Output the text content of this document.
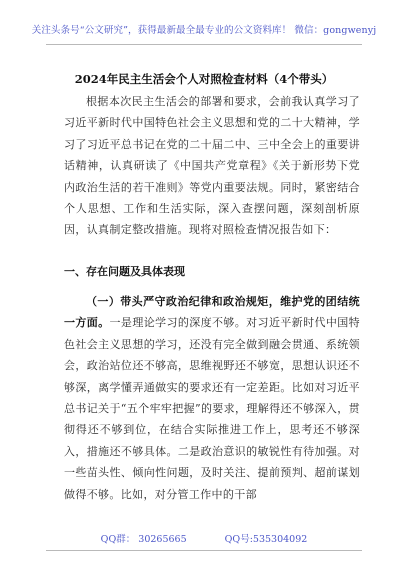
关注头条号“公文研究”，获得最新最全最专业的公文资料库！ 微信：gongwenyj
2024年民主生活会个人对照检查材料（4个带头）
根据本次民主生活会的部署和要求，会前我认真学习了习近平新时代中国特色社会主义思想和党的二十大精神，学习了习近平总书记在党的二十届二中、三中全会上的重要讲话精神，认真研读了《中国共产党章程》《关于新形势下党内政治生活的若干准则》等党内重要法规。同时，紧密结合个人思想、工作和生活实际，深入查摆问题，深刻剖析原因，认真制定整改措施。现将对照检查情况报告如下：
一、存在问题及具体表现
（一）带头严守政治纪律和政治规矩，维护党的团结统一方面。一是理论学习的深度不够。对习近平新时代中国特色社会主义思想的学习，还没有完全做到融会贯通、系统领会，政治站位还不够高，思维视野还不够宽，思想认识还不够深，离学懂弄通做实的要求还有一定差距。比如对习近平总书记关于“五个牢牢把握”的要求，理解得还不够深入，贯彻得还不够到位，在结合实际推进工作上，思考还不够深入，措施还不够具体。二是政治意识的敏锐性有待加强。对一些苗头性、倾向性问题，及时关注、提前预判、超前谋划做得不够。比如，对分管工作中的干部
QQ群： 30265665	QQ号:535304092
